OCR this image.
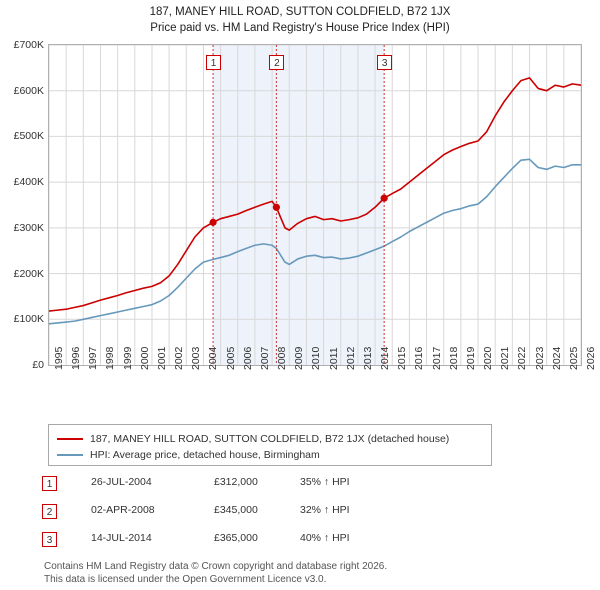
187, MANEY HILL ROAD, SUTTON COLDFIELD, B72 1JX
Price paid vs. HM Land Registry's House Price Index (HPI)
£0
£100K
£200K
£300K
£400K
£500K
£600K
£700K
1995 1996 1997 1998 1999 2000 2001 2002 2003 2004 2005 2006 2007 2008 2009 2010 2011 2012 2013 2014 2015 2016 2017 2018 2019 2020 2021 2022 2023 2024 2025 2026
1	2	3
187, MANEY HILL ROAD, SUTTON COLDFIELD, B72 1JX (detached house)
HPI: Average price, detached house, Birmingham
1	26-JUL-2004	£312,000	35% ↑ HPI
2	02-APR-2008	£345,000	32% ↑ HPI
3	14-JUL-2014	£365,000	40% ↑ HPI
Contains HM Land Registry data © Crown copyright and database right 2026.
This data is licensed under the Open Government Licence v3.0.
